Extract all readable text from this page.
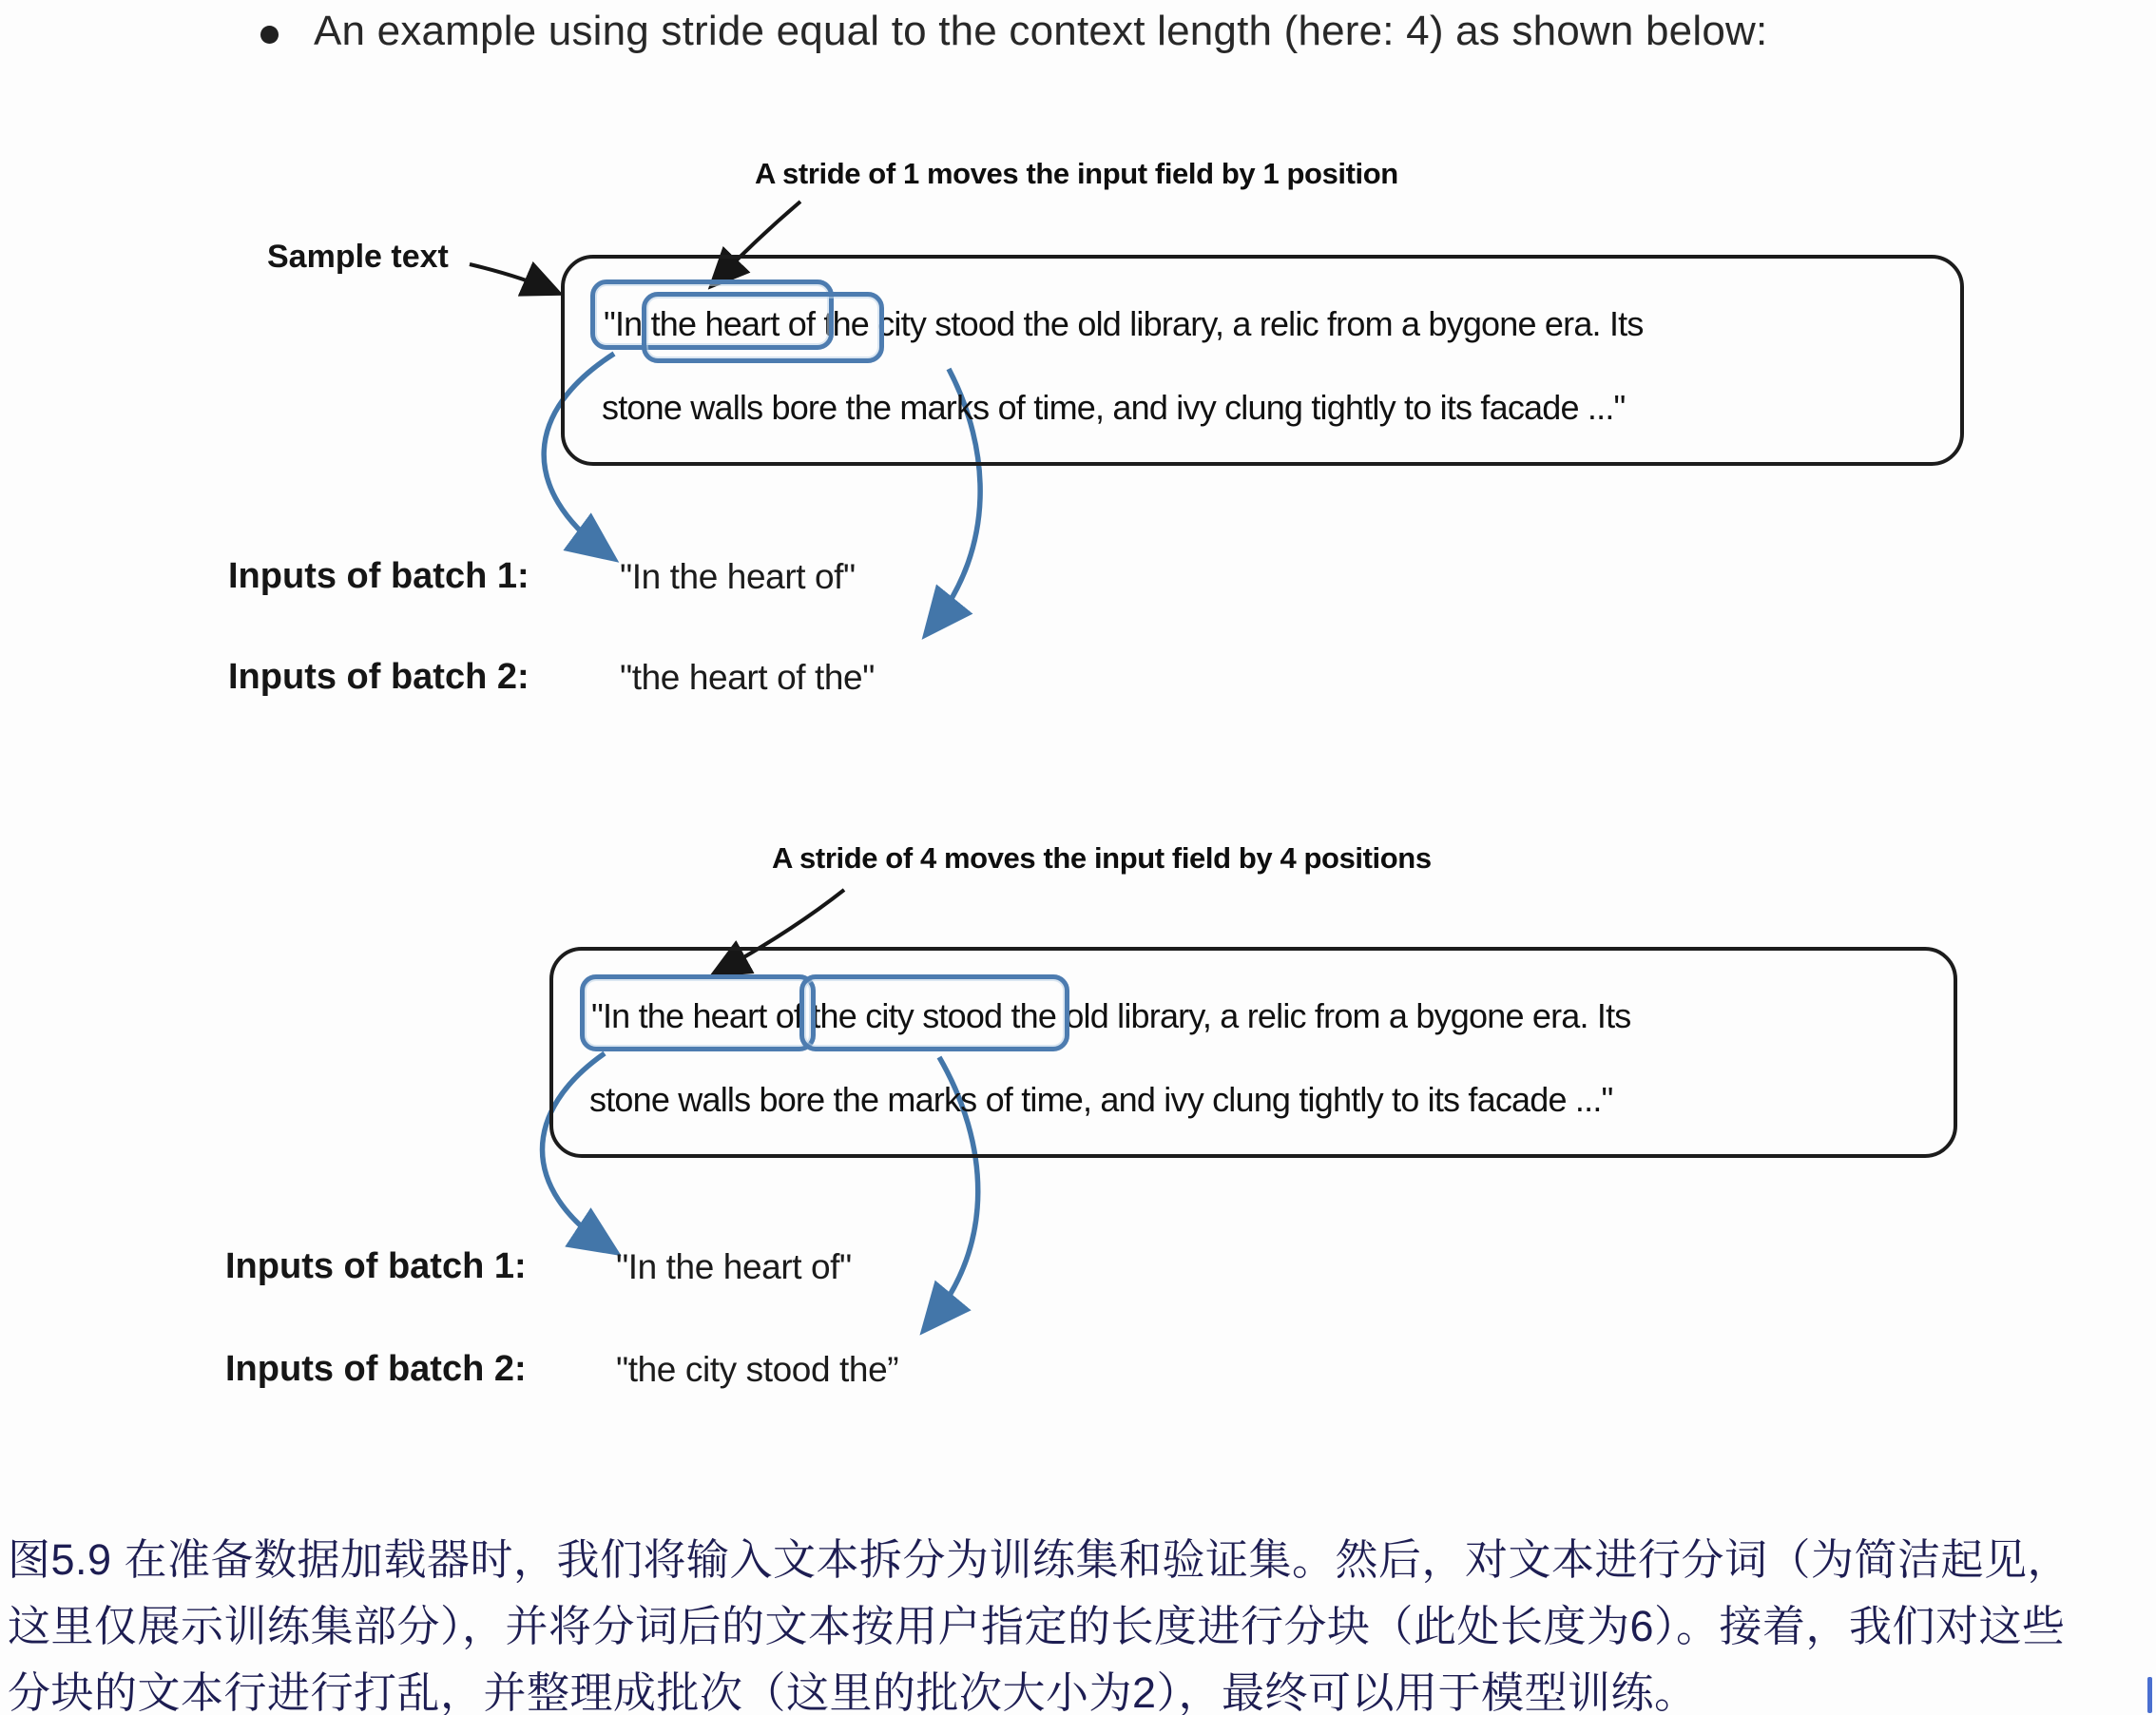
An example using stride equal to the context length (here: 4) as shown below:
A stride of 1 moves the input field by 1 position
Sample text
"In the heart of the city stood the old library, a relic from a bygone era. Its
stone walls bore the marks of time, and ivy clung tightly to its facade ..."
Inputs of batch 1:	"In the heart of"
Inputs of batch 2:	"the heart of the"
A stride of 4 moves the input field by 4 positions
"In the heart of the city stood the old library, a relic from a bygone era. Its
stone walls bore the marks of time, and ivy clung tightly to its facade ..."
Inputs of batch 1:	"In the heart of"
Inputs of batch 2:	"the city stood the”
图5.9 在准备数据加载器时，我们将输入文本拆分为训练集和验证集。然后，对文本进行分词（为简洁起见，
这里仅展示训练集部分），并将分词后的文本按用户指定的长度进行分块（此处长度为6）。接着，我们对这些
分块的文本行进行打乱，并整理成批次（这里的批次大小为2），最终可以用于模型训练。
